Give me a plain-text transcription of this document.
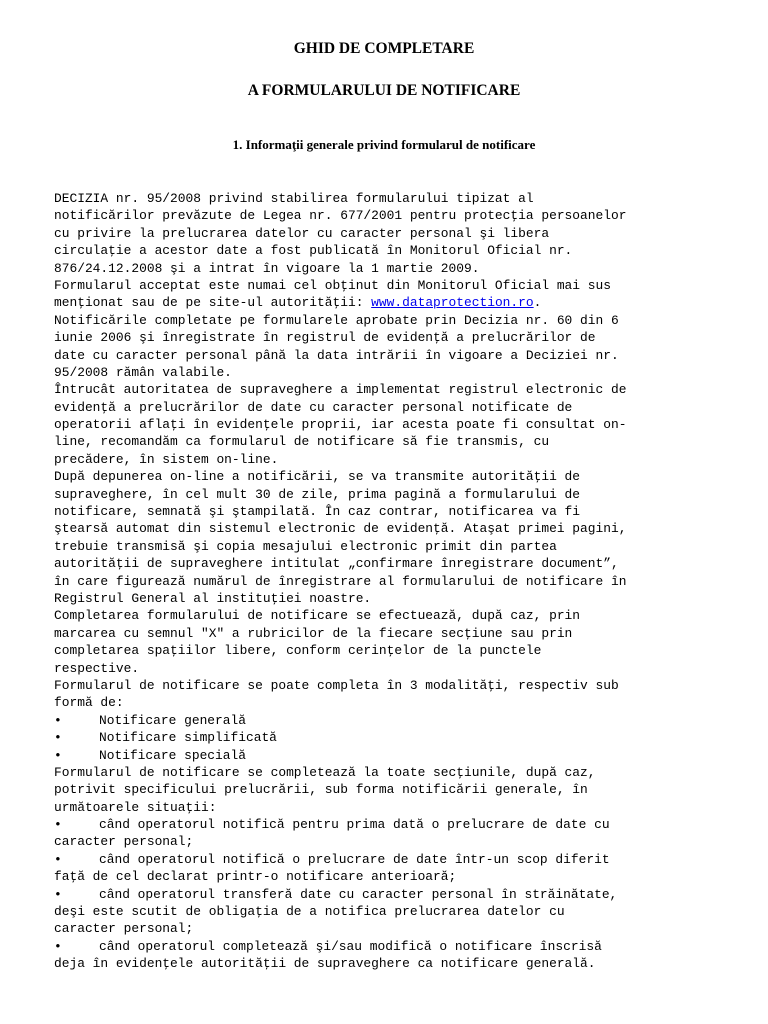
GHID DE COMPLETARE
A FORMULARULUI DE NOTIFICARE
1. Informaţii generale privind formularul de notificare
DECIZIA nr. 95/2008 privind stabilirea formularului tipizat al
notificărilor prevăzute de Legea nr. 677/2001 pentru protecţia persoanelor
cu privire la prelucrarea datelor cu caracter personal şi libera
circulaţie a acestor date a fost publicată în Monitorul Oficial nr.
876/24.12.2008 şi a intrat în vigoare la 1 martie 2009.
Formularul acceptat este numai cel obţinut din Monitorul Oficial mai sus
menţionat sau de pe site-ul autorităţii: www.dataprotection.ro.
Notificările completate pe formularele aprobate prin Decizia nr. 60 din 6
iunie 2006 şi înregistrate în registrul de evidenţă a prelucrărilor de
date cu caracter personal până la data intrării în vigoare a Deciziei nr.
95/2008 rămân valabile.
Întrucât autoritatea de supraveghere a implementat registrul electronic de
evidenţă a prelucrărilor de date cu caracter personal notificate de
operatorii aflaţi în evidenţele proprii, iar acesta poate fi consultat on-
line, recomandăm ca formularul de notificare să fie transmis, cu
precădere, în sistem on-line.
După depunerea on-line a notificării, se va transmite autorităţii de
supraveghere, în cel mult 30 de zile, prima pagină a formularului de
notificare, semnată şi ştampilată. În caz contrar, notificarea va fi
ştearsă automat din sistemul electronic de evidenţă. Ataşat primei pagini,
trebuie transmisă şi copia mesajului electronic primit din partea
autorităţii de supraveghere intitulat „confirmare înregistrare document”,
în care figurează numărul de înregistrare al formularului de notificare în
Registrul General al instituţiei noastre.
Completarea formularului de notificare se efectuează, după caz, prin
marcarea cu semnul "X" a rubricilor de la fiecare secţiune sau prin
completarea spaţiilor libere, conform cerinţelor de la punctele
respective.
Formularul de notificare se poate completa în 3 modalităţi, respectiv sub
formă de:
•	Notificare generală
•	Notificare simplificată
•	Notificare specială
Formularul de notificare se completează la toate secţiunile, după caz,
potrivit specificului prelucrării, sub forma notificării generale, în
următoarele situaţii:
•	când operatorul notifică pentru prima dată o prelucrare de date cu
caracter personal;
•	când operatorul notifică o prelucrare de date într-un scop diferit
faţă de cel declarat printr-o notificare anterioară;
•	când operatorul transferă date cu caracter personal în străinătate,
deşi este scutit de obligaţia de a notifica prelucrarea datelor cu
caracter personal;
•	când operatorul completează şi/sau modifică o notificare înscrisă
deja în evidenţele autorităţii de supraveghere ca notificare generală.
